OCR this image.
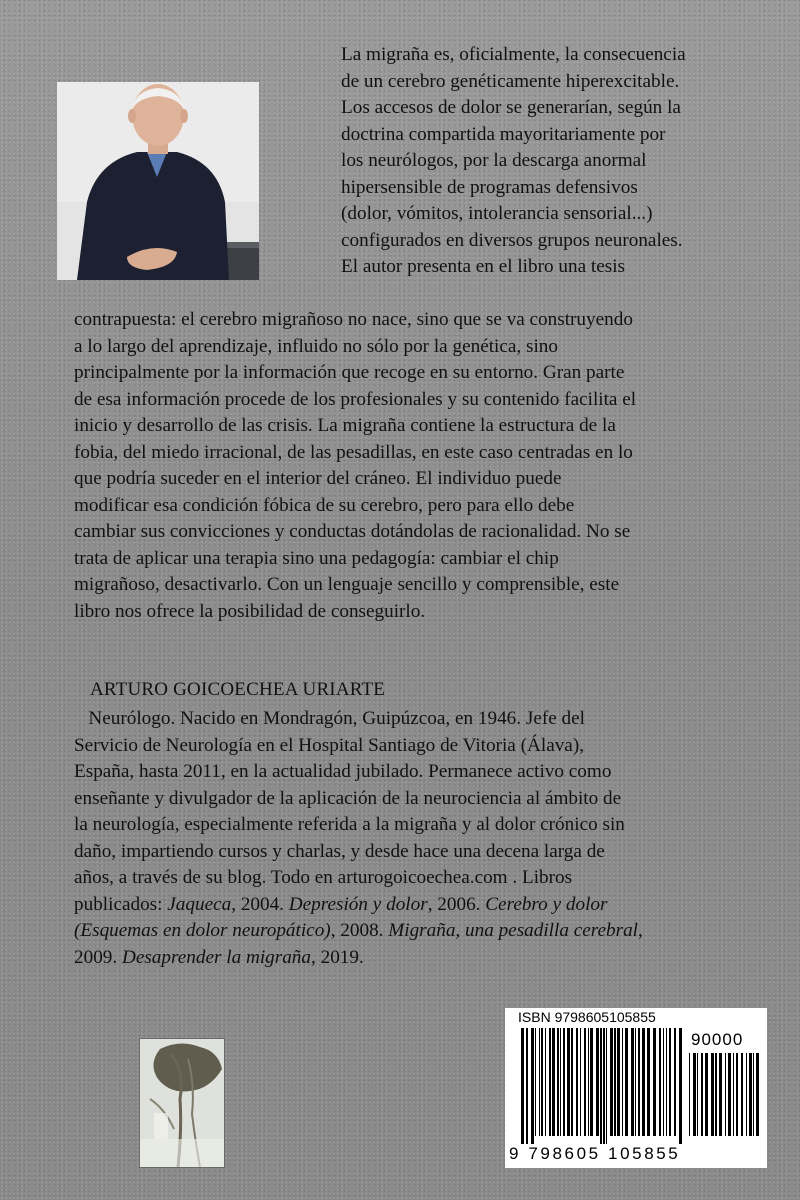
La migraña es, oficialmente, la consecuencia
de un cerebro genéticamente hiperexcitable.
Los accesos de dolor se generarían, según la
doctrina compartida mayoritariamente por
los neurólogos, por la descarga anormal
hipersensible de programas defensivos
(dolor, vómitos, intolerancia sensorial...)
configurados en diversos grupos neuronales.
El autor presenta en el libro una tesis
contrapuesta: el cerebro migrañoso no nace, sino que se va construyendo
a lo largo del aprendizaje, influido no sólo por la genética, sino
principalmente por la información que recoge en su entorno. Gran parte
de esa información procede de los profesionales y su contenido facilita el
inicio y desarrollo de las crisis. La migraña contiene la estructura de la
fobia, del miedo irracional, de las pesadillas, en este caso centradas en lo
que podría suceder en el interior del cráneo. El individuo puede
modificar esa condición fóbica de su cerebro, pero para ello debe
cambiar sus convicciones y conductas dotándolas de racionalidad. No se
trata de aplicar una terapia sino una pedagogía: cambiar el chip
migrañoso, desactivarlo. Con un lenguaje sencillo y comprensible, este
libro nos ofrece la posibilidad de conseguirlo.
ARTURO GOICOECHEA URIARTE
Neurólogo. Nacido en Mondragón, Guipúzcoa, en 1946. Jefe del
Servicio de Neurología en el Hospital Santiago de Vitoria (Álava),
España, hasta 2011, en la actualidad jubilado. Permanece activo como
enseñante y divulgador de la aplicación de la neurociencia al ámbito de
la neurología, especialmente referida a la migraña y al dolor crónico sin
daño, impartiendo cursos y charlas, y desde hace una decena larga de
años, a través de su blog. Todo en arturogoicoechea.com . Libros
publicados: Jaqueca, 2004. Depresión y dolor, 2006. Cerebro y dolor
(Esquemas en dolor neuropático), 2008. Migraña, una pesadilla cerebral,
2009. Desaprender la migraña, 2019.
ISBN 9798605105855
90000
9 798605 105855
